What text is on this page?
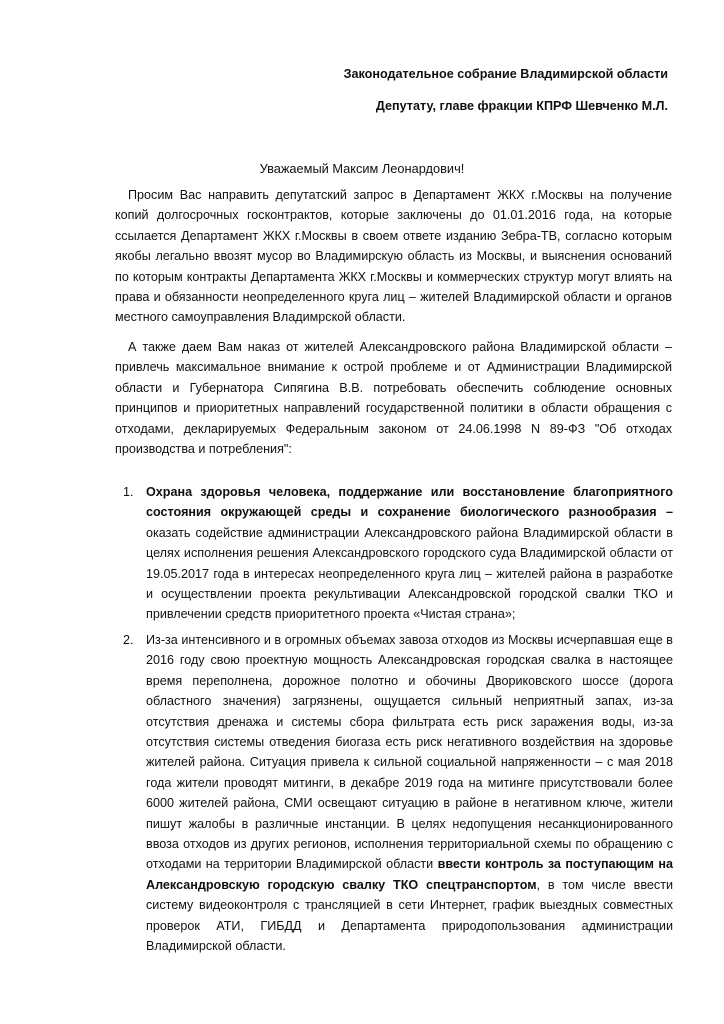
Законодательное собрание Владимирской области
Депутату, главе фракции КПРФ Шевченко М.Л.
Уважаемый Максим Леонардович!
Просим Вас направить депутатский запрос в Департамент ЖКХ г.Москвы на получение копий долгосрочных госконтрактов, которые заключены до 01.01.2016 года, на которые ссылается Департамент ЖКХ г.Москвы в своем ответе изданию Зебра-ТВ, согласно которым якобы легально ввозят мусор во Владимирскую область из Москвы, и выяснения оснований по которым контракты Департамента ЖКХ г.Москвы и коммерческих структур могут влиять на права и обязанности неопределенного круга лиц – жителей Владимирской области и органов местного самоуправления Владимрской области.
А также даем Вам наказ от жителей Александровского района Владимирской области – привлечь максимальное внимание к острой проблеме и от Администрации Владимирской области и Губернатора Сипягина В.В. потребовать обеспечить соблюдение основных принципов и приоритетных направлений государственной политики в области обращения с отходами, декларируемых Федеральным законом от 24.06.1998 N 89-ФЗ "Об отходах производства и потребления":
1. Охрана здоровья человека, поддержание или восстановление благоприятного состояния окружающей среды и сохранение биологического разнообразия – оказать содействие администрации Александровского района Владимирской области в целях исполнения решения Александровского городского суда Владимирской области от 19.05.2017 года в интересах неопределенного круга лиц – жителей района в разработке и осуществлении проекта рекультивации Александровской городской свалки ТКО и привлечении средств приоритетного проекта «Чистая страна»;
2. Из-за интенсивного и в огромных объемах завоза отходов из Москвы исчерпавшая еще в 2016 году свою проектную мощность Александровская городская свалка в настоящее время переполнена, дорожное полотно и обочины Двориковского шоссе (дорога областного значения) загрязнены, ощущается сильный неприятный запах, из-за отсутствия дренажа и системы сбора фильтрата есть риск заражения воды, из-за отсутствия системы отведения биогаза есть риск негативного воздействия на здоровье жителей района. Ситуация привела к сильной социальной напряженности – с мая 2018 года жители проводят митинги, в декабре 2019 года на митинге присутствовали более 6000 жителей района, СМИ освещают ситуацию в районе в негативном ключе, жители пишут жалобы в различные инстанции. В целях недопущения несанкционированного ввоза отходов из других регионов, исполнения территориальной схемы по обращению с отходами на территории Владимирской области ввести контроль за поступающим на Александровскую городскую свалку ТКО спецтранспортом, в том числе ввести систему видеоконтроля с трансляцией в сети Интернет, график выездных совместных проверок АТИ, ГИБДД и Департамента природопользования администрации Владимирской области.
